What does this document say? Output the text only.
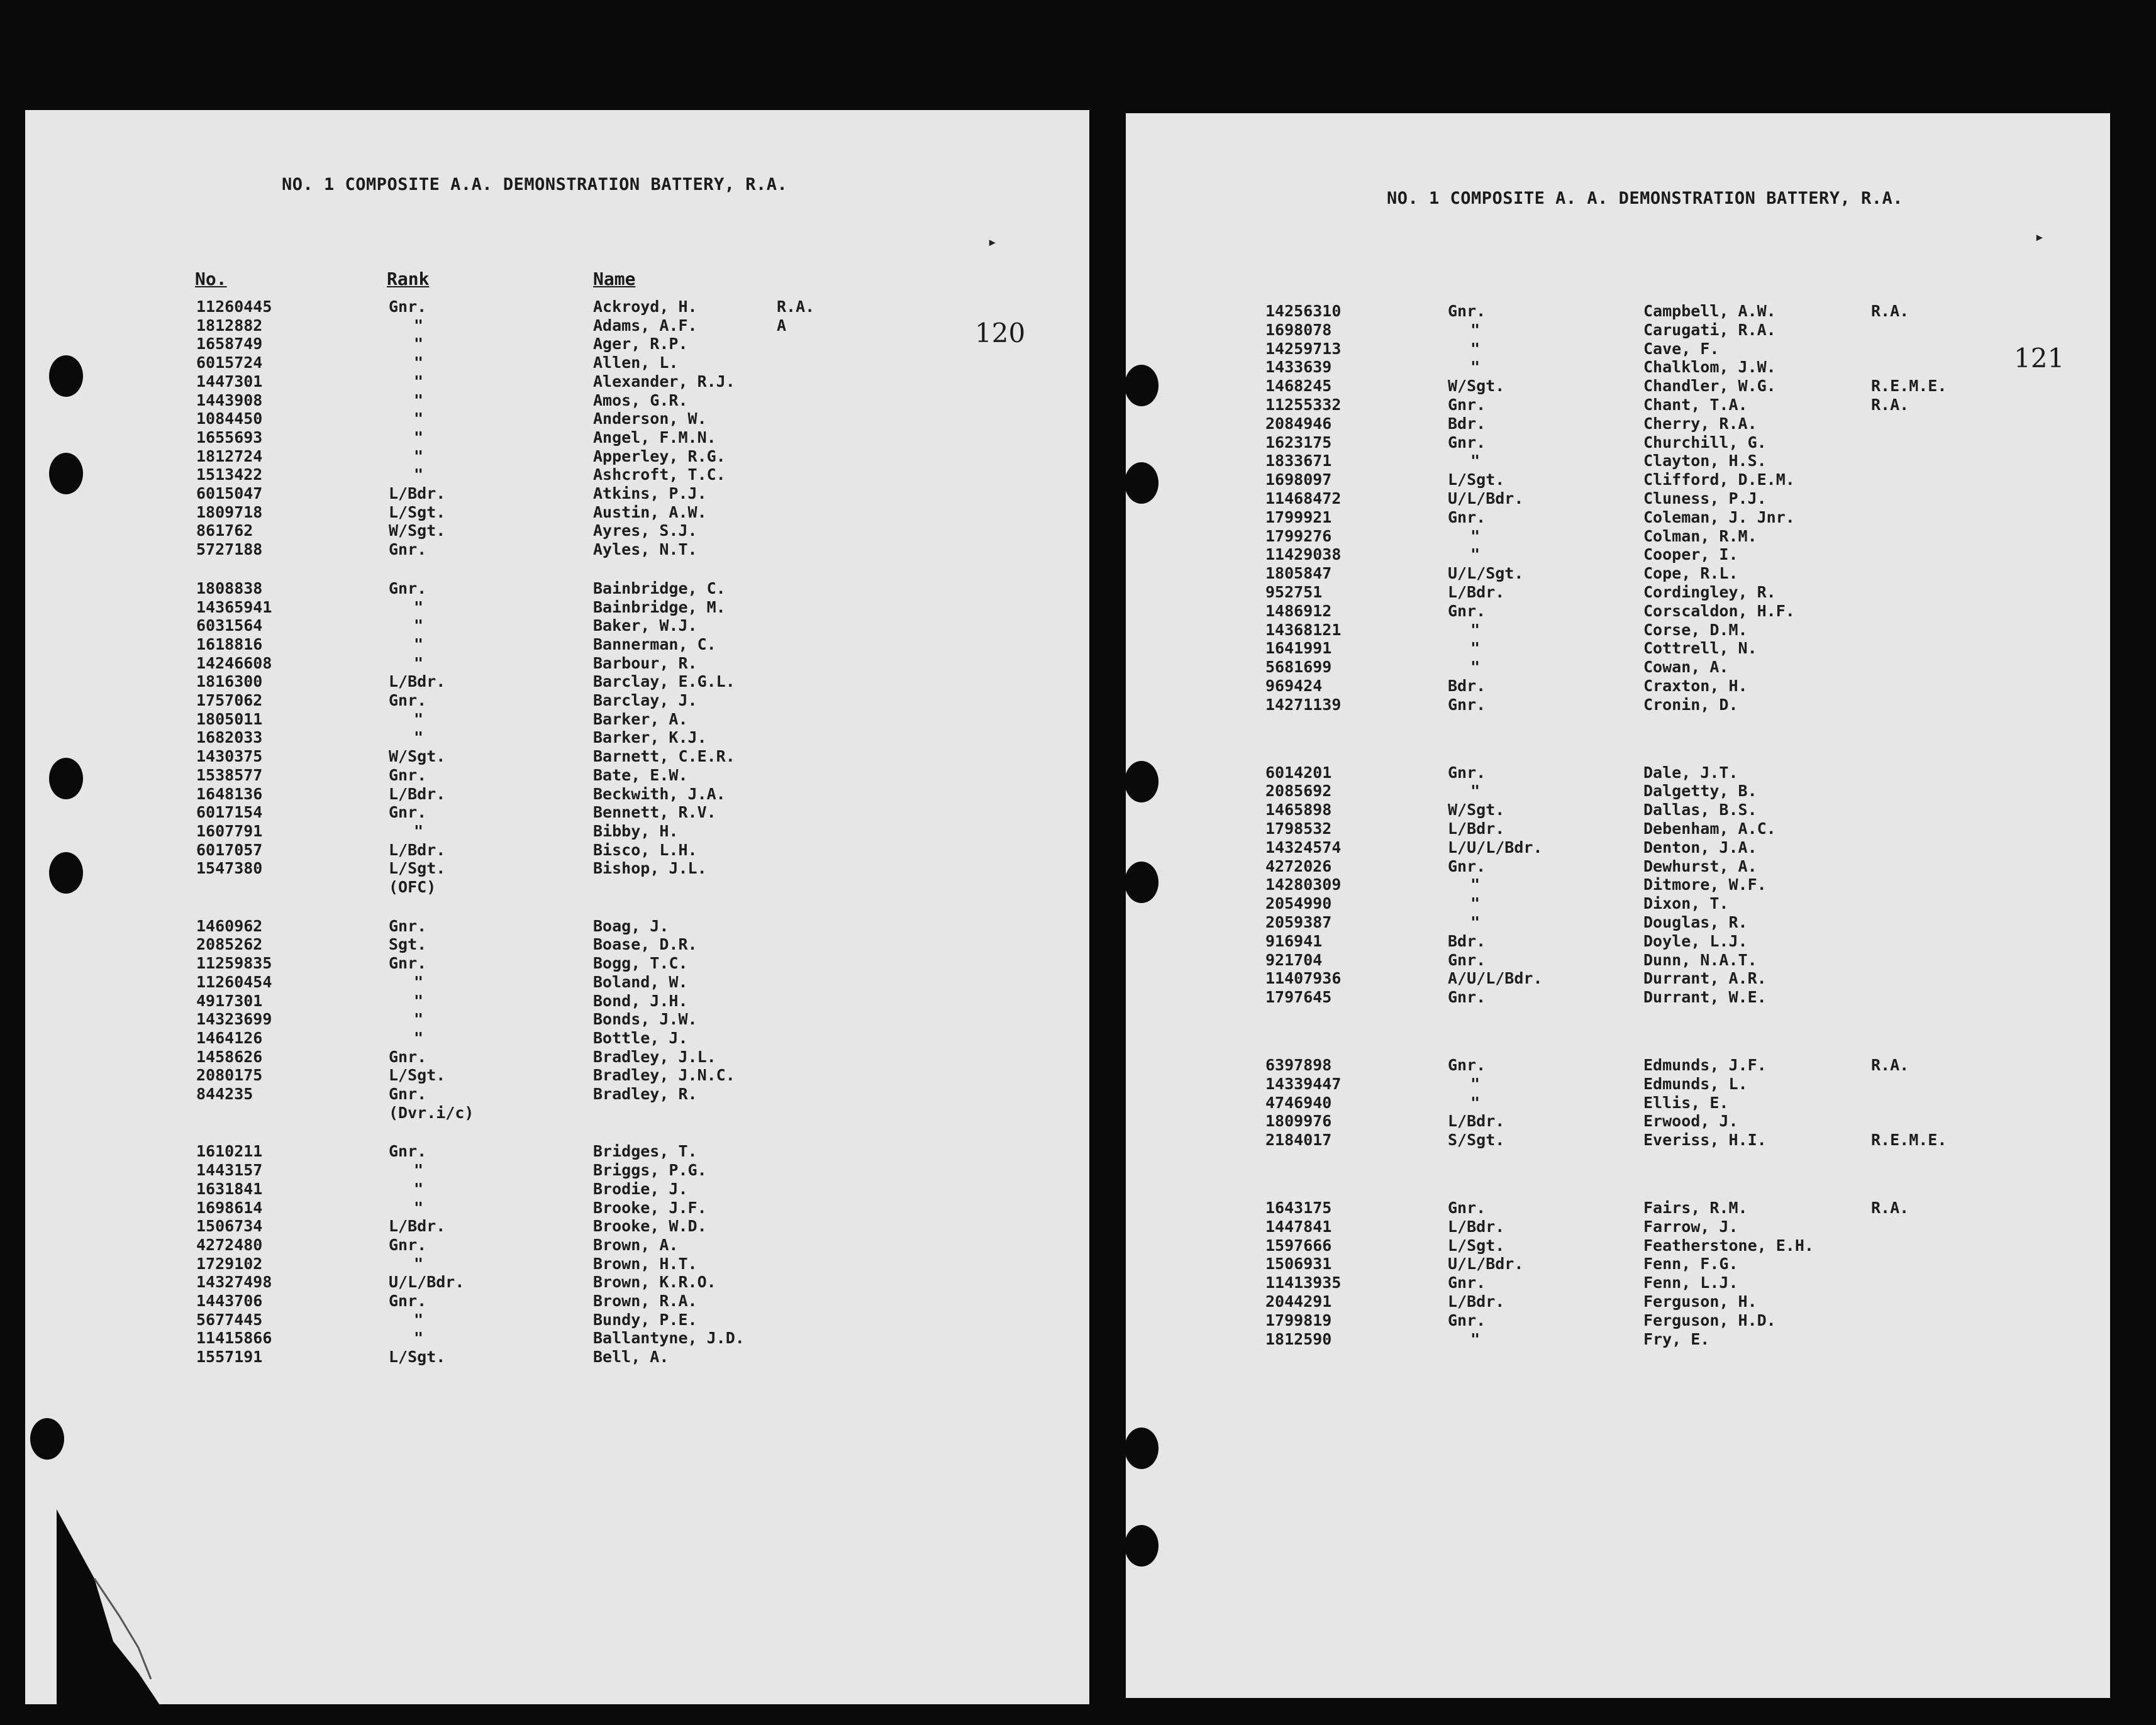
NO. 1 COMPOSITE A.A. DEMONSTRATION BATTERY, R.A.
120
No.	Rank	Name
11260445	Gnr.	Ackroyd, H.	R.A.
1812882	"	Adams, A.F.	A
1658749	"	Ager, R.P.
6015724	"	Allen, L.
1447301	"	Alexander, R.J.
1443908	"	Amos, G.R.
1084450	"	Anderson, W.
1655693	"	Angel, F.M.N.
1812724	"	Apperley, R.G.
1513422	"	Ashcroft, T.C.
6015047	L/Bdr.	Atkins, P.J.
1809718	L/Sgt.	Austin, A.W.
861762	W/Sgt.	Ayres, S.J.
5727188	Gnr.	Ayles, N.T.
1808838	Gnr.	Bainbridge, C.
14365941	"	Bainbridge, M.
6031564	"	Baker, W.J.
1618816	"	Bannerman, C.
14246608	"	Barbour, R.
1816300	L/Bdr.	Barclay, E.G.L.
1757062	Gnr.	Barclay, J.
1805011	"	Barker, A.
1682033	"	Barker, K.J.
1430375	W/Sgt.	Barnett, C.E.R.
1538577	Gnr.	Bate, E.W.
1648136	L/Bdr.	Beckwith, J.A.
6017154	Gnr.	Bennett, R.V.
1607791	"	Bibby, H.
6017057	L/Bdr.	Bisco, L.H.
1547380	L/Sgt.	Bishop, J.L.
(OFC)
1460962	Gnr.	Boag, J.
2085262	Sgt.	Boase, D.R.
11259835	Gnr.	Bogg, T.C.
11260454	"	Boland, W.
4917301	"	Bond, J.H.
14323699	"	Bonds, J.W.
1464126	"	Bottle, J.
1458626	Gnr.	Bradley, J.L.
2080175	L/Sgt.	Bradley, J.N.C.
844235	Gnr.	Bradley, R.
(Dvr.i/c)
1610211	Gnr.	Bridges, T.
1443157	"	Briggs, P.G.
1631841	"	Brodie, J.
1698614	"	Brooke, J.F.
1506734	L/Bdr.	Brooke, W.D.
4272480	Gnr.	Brown, A.
1729102	"	Brown, H.T.
14327498	U/L/Bdr.	Brown, K.R.O.
1443706	Gnr.	Brown, R.A.
5677445	"	Bundy, P.E.
11415866	"	Ballantyne, J.D.
1557191	L/Sgt.	Bell, A.
▸
NO. 1 COMPOSITE A. A. DEMONSTRATION BATTERY, R.A.
121
14256310	Gnr.	Campbell, A.W.	R.A.
1698078	"	Carugati, R.A.
14259713	"	Cave, F.
1433639	"	Chalklom, J.W.
1468245	W/Sgt.	Chandler, W.G.	R.E.M.E.
11255332	Gnr.	Chant, T.A.	R.A.
2084946	Bdr.	Cherry, R.A.
1623175	Gnr.	Churchill, G.
1833671	"	Clayton, H.S.
1698097	L/Sgt.	Clifford, D.E.M.
11468472	U/L/Bdr.	Cluness, P.J.
1799921	Gnr.	Coleman, J. Jnr.
1799276	"	Colman, R.M.
11429038	"	Cooper, I.
1805847	U/L/Sgt.	Cope, R.L.
952751	L/Bdr.	Cordingley, R.
1486912	Gnr.	Corscaldon, H.F.
14368121	"	Corse, D.M.
1641991	"	Cottrell, N.
5681699	"	Cowan, A.
969424	Bdr.	Craxton, H.
14271139	Gnr.	Cronin, D.
6014201	Gnr.	Dale, J.T.
2085692	"	Dalgetty, B.
1465898	W/Sgt.	Dallas, B.S.
1798532	L/Bdr.	Debenham, A.C.
14324574	L/U/L/Bdr.	Denton, J.A.
4272026	Gnr.	Dewhurst, A.
14280309	"	Ditmore, W.F.
2054990	"	Dixon, T.
2059387	"	Douglas, R.
916941	Bdr.	Doyle, L.J.
921704	Gnr.	Dunn, N.A.T.
11407936	A/U/L/Bdr.	Durrant, A.R.
1797645	Gnr.	Durrant, W.E.
6397898	Gnr.	Edmunds, J.F.	R.A.
14339447	"	Edmunds, L.
4746940	"	Ellis, E.
1809976	L/Bdr.	Erwood, J.
2184017	S/Sgt.	Everiss, H.I.	R.E.M.E.
1643175	Gnr.	Fairs, R.M.	R.A.
1447841	L/Bdr.	Farrow, J.
1597666	L/Sgt.	Featherstone, E.H.
1506931	U/L/Bdr.	Fenn, F.G.
11413935	Gnr.	Fenn, L.J.
2044291	L/Bdr.	Ferguson, H.
1799819	Gnr.	Ferguson, H.D.
1812590	"	Fry, E.
▸
